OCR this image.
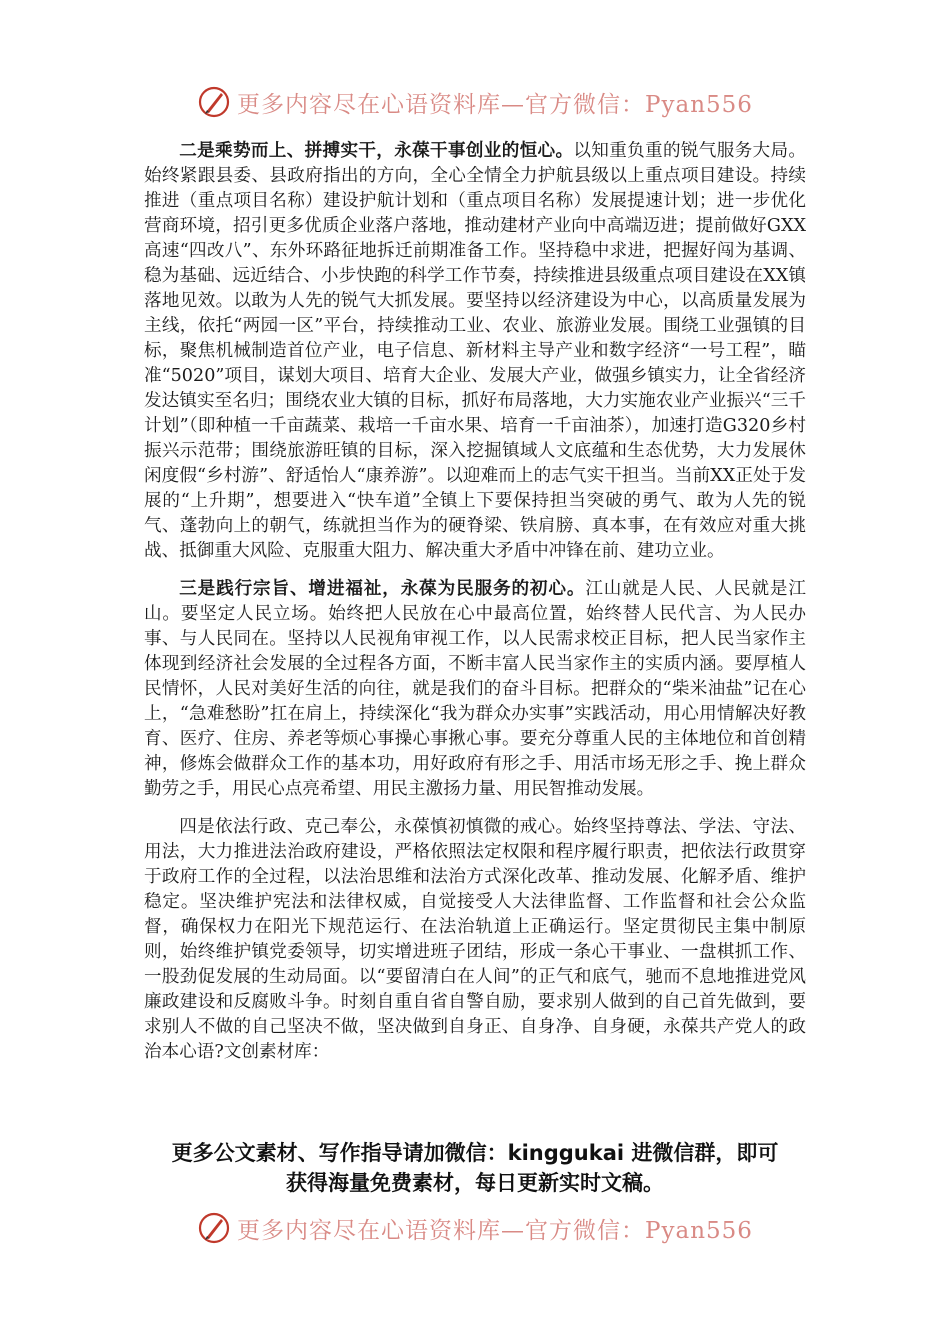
更多内容尽在心语资料库—官方微信：Pyan556

二是乘势而上、拼搏实干，永葆干事创业的恒心。以知重负重的锐气服务大局。始终紧跟县委、县政府指出的方向，全心全情全力护航县级以上重点项目建设。持续推进（重点项目名称）建设护航计划和（重点项目名称）发展提速计划；进一步优化营商环境，招引更多优质企业落户落地，推动建材产业向中高端迈进；提前做好GXX高速“四改八”、东外环路征地拆迁前期准备工作。坚持稳中求进，把握好闯为基调、稳为基础、远近结合、小步快跑的科学工作节奏，持续推进县级重点项目建设在XX镇落地见效。以敢为人先的锐气大抓发展。要坚持以经济建设为中心，以高质量发展为主线，依托“两园一区”平台，持续推动工业、农业、旅游业发展。围绕工业强镇的目标，聚焦机械制造首位产业，电子信息、新材料主导产业和数字经济“一号工程”，瞄准“5020”项目，谋划大项目、培育大企业、发展大产业，做强乡镇实力，让全省经济发达镇实至名归；围绕农业大镇的目标，抓好布局落地，大力实施农业产业振兴“三千计划”（即种植一千亩蔬菜、栽培一千亩水果、培育一千亩油茶），加速打造G320乡村振兴示范带；围绕旅游旺镇的目标，深入挖掘镇域人文底蕴和生态优势，大力发展休闲度假“乡村游”、舒适怡人“康养游”。以迎难而上的志气实干担当。当前XX正处于发展的“上升期”，想要进入“快车道”全镇上下要保持担当突破的勇气、敢为人先的锐气、蓬勃向上的朝气，练就担当作为的硬脊梁、铁肩膀、真本事，在有效应对重大挑战、抵御重大风险、克服重大阻力、解决重大矛盾中冲锋在前、建功立业。

三是践行宗旨、增进福祉，永葆为民服务的初心。江山就是人民、人民就是江山。要坚定人民立场。始终把人民放在心中最高位置，始终替人民代言、为人民办事、与人民同在。坚持以人民视角审视工作，以人民需求校正目标，把人民当家作主体现到经济社会发展的全过程各方面，不断丰富人民当家作主的实质内涵。要厚植人民情怀，人民对美好生活的向往，就是我们的奋斗目标。把群众的“柴米油盐”记在心上，“急难愁盼”扛在肩上，持续深化“我为群众办实事”实践活动，用心用情解决好教育、医疗、住房、养老等烦心事操心事揪心事。要充分尊重人民的主体地位和首创精神，修炼会做群众工作的基本功，用好政府有形之手、用活市场无形之手、挽上群众勤劳之手，用民心点亮希望、用民主激扬力量、用民智推动发展。

四是依法行政、克己奉公，永葆慎初慎微的戒心。始终坚持尊法、学法、守法、用法，大力推进法治政府建设，严格依照法定权限和程序履行职责，把依法行政贯穿于政府工作的全过程，以法治思维和法治方式深化改革、推动发展、化解矛盾、维护稳定。坚决维护宪法和法律权威，自觉接受人大法律监督、工作监督和社会公众监督，确保权力在阳光下规范运行、在法治轨道上正确运行。坚定贯彻民主集中制原则，始终维护镇党委领导，切实增进班子团结，形成一条心干事业、一盘棋抓工作、一股劲促发展的生动局面。以“要留清白在人间”的正气和底气，驰而不息地推进党风廉政建设和反腐败斗争。时刻自重自省自警自励，要求别人做到的自己首先做到，要求别人不做的自己坚决不做，坚决做到自身正、自身净、自身硬，永葆共产党人的政治本心语?文创素材库：

更多公文素材、写作指导请加微信：kinggukai 进微信群，即可
获得海量免费素材，每日更新实时文稿。
更多内容尽在心语资料库—官方微信：Pyan556
